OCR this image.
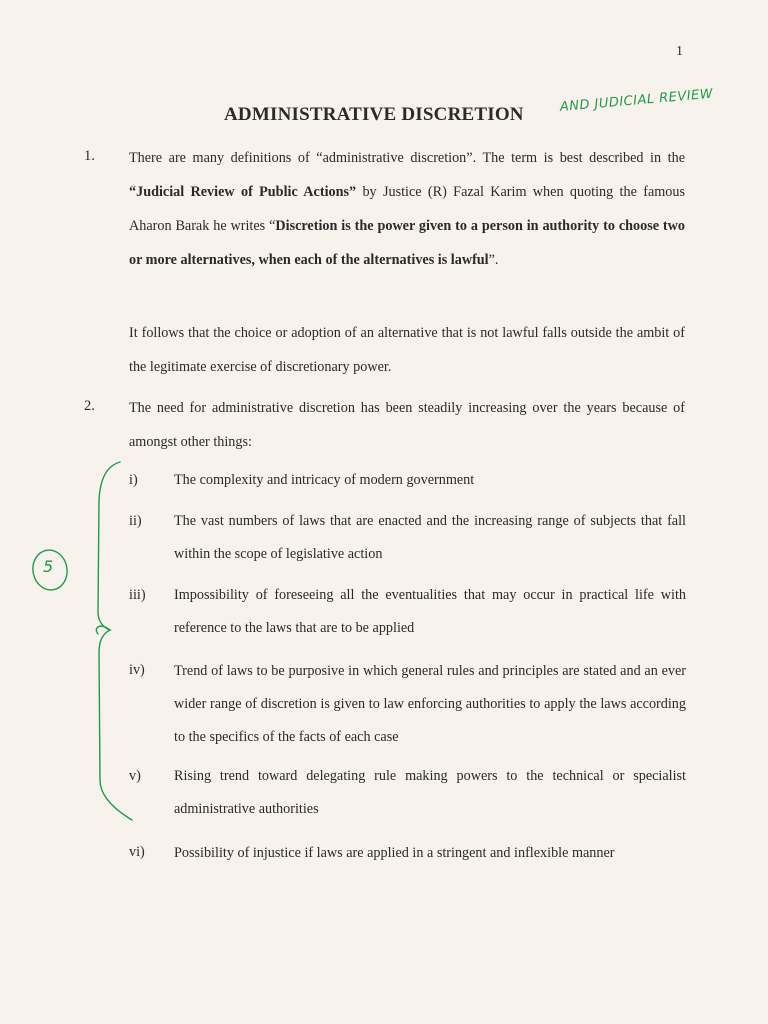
1
ADMINISTRATIVE DISCRETION	AND JUDICIAL REVIEW
1. There are many definitions of “administrative discretion”. The term is best described in the “Judicial Review of Public Actions” by Justice (R) Fazal Karim when quoting the famous Aharon Barak he writes “Discretion is the power given to a person in authority to choose two or more alternatives, when each of the alternatives is lawful”.
It follows that the choice or adoption of an alternative that is not lawful falls outside the ambit of the legitimate exercise of discretionary power.
2. The need for administrative discretion has been steadily increasing over the years because of amongst other things:
i)	The complexity and intricacy of modern government
ii) The vast numbers of laws that are enacted and the increasing range of subjects that fall within the scope of legislative action
iii) Impossibility of foreseeing all the eventualities that may occur in practical life with reference to the laws that are to be applied
iv) Trend of laws to be purposive in which general rules and principles are stated and an ever wider range of discretion is given to law enforcing authorities to apply the laws according to the specifics of the facts of each case
v) Rising trend toward delegating rule making powers to the technical or specialist administrative authorities
vi) Possibility of injustice if laws are applied in a stringent and inflexible manner
5
